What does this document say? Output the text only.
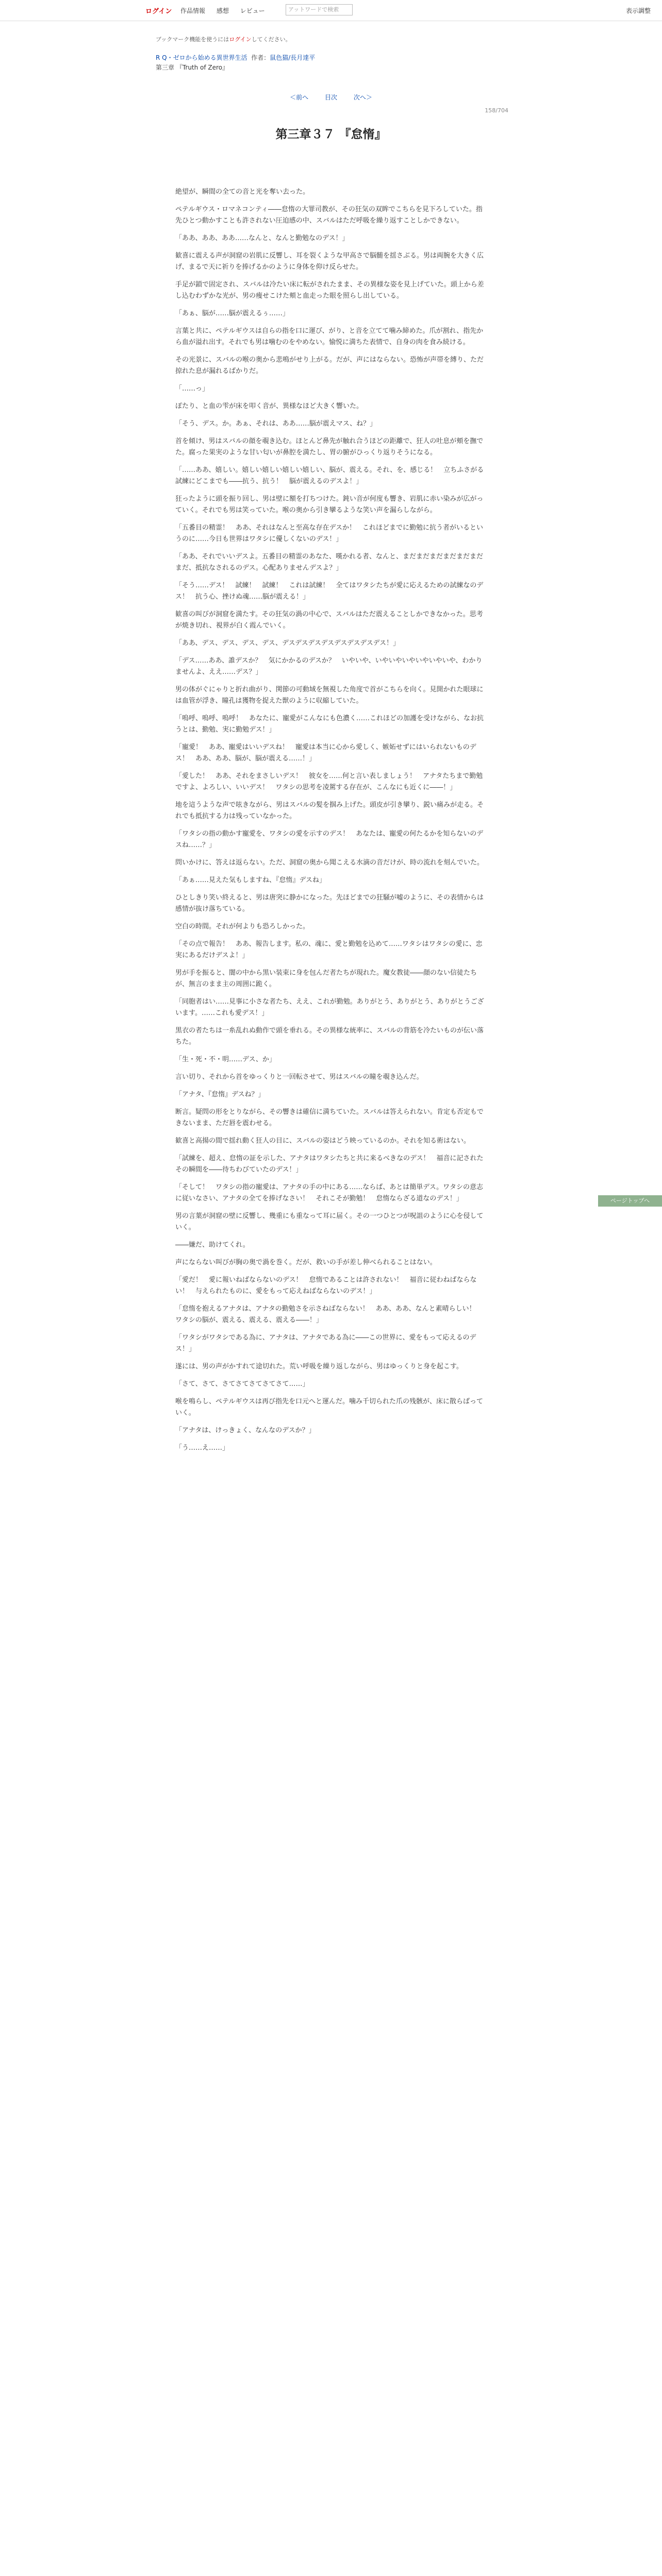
ログイン 作品情報 感想 レビュー	アットワードで検索	表示調整
ブックマーク機能を使うにはログインしてください。
R Q・ゼロから始める異世界生活 作者：鼠色猫/長月達平
第三章 『Truth of Zero』
＜前へ	目次	次へ＞
158/704
第三章３７ 『怠惰』

絶望が、瞬間の全ての音と光を奪い去った。

ペテルギウス・ロマネコンティ――怠惰の大罪司教が、その狂気の双眸でこちらを見下ろしていた。指先ひとつ動かすことも許されない圧迫感の中、スバルはただ呼吸を繰り返すことしかできない。

「ああ、ああ、ああ……なんと、なんと勤勉なのデス！」

歓喜に震える声が洞窟の岩肌に反響し、耳を裂くような甲高さで脳髄を揺さぶる。男は両腕を大きく広げ、まるで天に祈りを捧げるかのように身体を仰け反らせた。

手足が鎖で固定され、スバルは冷たい床に転がされたまま、その異様な姿を見上げていた。頭上から差し込むわずかな光が、男の痩せこけた頬と血走った眼を照らし出している。

「あぁ、脳が……脳が震えるぅ……」

言葉と共に、ペテルギウスは自らの指を口に運び、がり、と音を立てて噛み締めた。爪が割れ、指先から血が溢れ出す。それでも男は噛むのをやめない。愉悦に満ちた表情で、自身の肉を食み続ける。

その光景に、スバルの喉の奥から悲鳴がせり上がる。だが、声にはならない。恐怖が声帯を縛り、ただ掠れた息が漏れるばかりだ。

「……っ」

ぽたり、と血の雫が床を叩く音が、異様なほど大きく響いた。

「そう、デス。か。あぁ、それは、ああ……脳が震えマス、ね？」

首を傾け、男はスバルの顔を覗き込む。ほとんど鼻先が触れ合うほどの距離で、狂人の吐息が頬を撫でた。腐った果実のような甘い匂いが鼻腔を満たし、胃の腑がひっくり返りそうになる。

「……ああ、嬉しい。嬉しい嬉しい嬉しい嬉しい、脳が、震える。それ、を、感じる！　立ちふさがる試練にどこまでも――抗う、抗う！　脳が震えるのデスよ！」

狂ったように頭を振り回し、男は壁に額を打ちつけた。鈍い音が何度も響き、岩肌に赤い染みが広がっていく。それでも男は笑っていた。喉の奥から引き攣るような笑い声を漏らしながら。

「五番目の精霊！　ああ、それはなんと至高な存在デスか！　これほどまでに勤勉に抗う者がいるというのに……今日も世界はワタシに優しくないのデス！」

「ああ、それでいいデスよ。五番目の精霊のあなた、嘆かれる者、なんと、まだまだまだまだまだまだまだ、抵抗なされるのデス。心配ありませんデスよ？」

「そう……デス！　試練！　試練！　これは試練！　全てはワタシたちが愛に応えるための試練なのデス！　抗う心、挫けぬ魂……脳が震える！」

歓喜の叫びが洞窟を満たす。その狂気の渦の中心で、スバルはただ震えることしかできなかった。思考が焼き切れ、視界が白く霞んでいく。

「ああ、デス、デス、デス、デス、デスデスデスデスデスデスデスデス！」

「デス……ああ、誰デスか？　気にかかるのデスか？　いやいや、いやいやいやいやいやいや、わかりませんよ、ええ……デス？」

男の体がぐにゃりと折れ曲がり、関節の可動域を無視した角度で首がこちらを向く。見開かれた眼球には血管が浮き、瞳孔は獲物を捉えた獣のように収縮していた。

「嗚呼、嗚呼、嗚呼！　あなたに、寵愛がこんなにも色濃く……これほどの加護を受けながら、なお抗うとは、勤勉、実に勤勉デス！」

「寵愛！　ああ、寵愛はいいデスね！　寵愛は本当に心から愛しく、嫉妬せずにはいられないものデス！　ああ、ああ、脳が、脳が震える……！」

「愛した！　ああ、それをまさしいデス！　彼女を……何と言い表しましょう！　アナタたちまで勤勉ですよ、よろしい、いいデス！　ワタシの思考を凌駕する存在が、こんなにも近くに――！」

地を這うような声で呟きながら、男はスバルの髪を掴み上げた。頭皮が引き攣り、鋭い痛みが走る。それでも抵抗する力は残っていなかった。

「ワタシの指の動かす寵愛を、ワタシの愛を示すのデス！　あなたは、寵愛の何たるかを知らないのデスね……？」

問いかけに、答えは返らない。ただ、洞窟の奥から聞こえる水滴の音だけが、時の流れを刻んでいた。

「あぁ……見えた気もしますね、『怠惰』デスね」

ひとしきり笑い終えると、男は唐突に静かになった。先ほどまでの狂騒が嘘のように、その表情からは感情が抜け落ちている。

空白の時間。それが何よりも恐ろしかった。

「その点で報告！　ああ、報告します。私の、魂に、愛と勤勉を込めて……ワタシはワタシの愛に、忠実にあるだけデスよ！」

男が手を振ると、闇の中から黒い装束に身を包んだ者たちが現れた。魔女教徒――顔のない信徒たちが、無言のまま主の周囲に跪く。

「同胞者はい……見事に小さな者たち、ええ、これが勤勉。ありがとう、ありがとう、ありがとうございます。……これも愛デス！」

黒衣の者たちは一糸乱れぬ動作で頭を垂れる。その異様な統率に、スバルの背筋を冷たいものが伝い落ちた。

「生・死・不・明……デス、か」

言い切り、それから首をゆっくりと一回転させて、男はスバルの瞳を覗き込んだ。

「アナタ、『怠惰』デスね？」

断言。疑問の形をとりながら、その響きは確信に満ちていた。スバルは答えられない。肯定も否定もできないまま、ただ唇を震わせる。

歓喜と高揚の間で揺れ動く狂人の目に、スバルの姿はどう映っているのか。それを知る術はない。

「試練を、超え、怠惰の証を示した、アナタはワタシたちと共に来るべきなのデス！　福音に記されたその瞬間を――待ちわびていたのデス！」

「そして！　ワタシの指の寵愛は、アナタの手の中にある……ならば、あとは簡単デス。ワタシの意志に従いなさい、アナタの全てを捧げなさい！　それこそが勤勉！　怠惰ならざる道なのデス！」

男の言葉が洞窟の壁に反響し、幾重にも重なって耳に届く。その一つひとつが呪詛のように心を侵していく。

――嫌だ、助けてくれ。

声にならない叫びが胸の奥で渦を巻く。だが、救いの手が差し伸べられることはない。

「愛だ！　愛に報いねばならないのデス！　怠惰であることは許されない！　福音に従わねばならない！　与えられたものに、愛をもって応えねばならないのデス！」

「怠惰を抱えるアナタは、アナタの勤勉さを示さねばならない！　ああ、ああ、なんと素晴らしい！　ワタシの脳が、震える、震える、震える――！」

「ワタシがワタシである為に、アナタは、アナタである為に――この世界に、愛をもって応えるのデス！」

遂には、男の声がかすれて途切れた。荒い呼吸を繰り返しながら、男はゆっくりと身を起こす。

「さて、さて、さてさてさてさてさて……」

喉を鳴らし、ペテルギウスは再び指先を口元へと運んだ。噛み千切られた爪の残骸が、床に散らばっていく。

「アナタは、けっきょく、なんなのデスか？」

「う……え……」

ページトップへ
